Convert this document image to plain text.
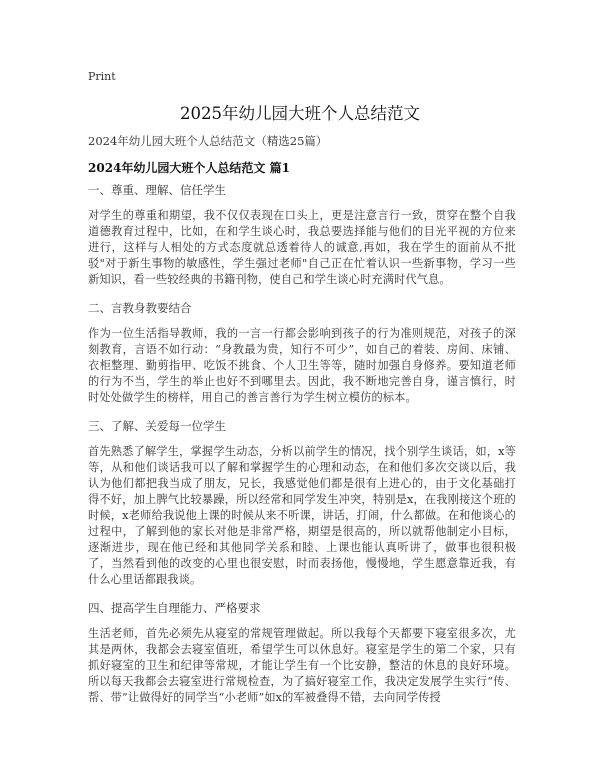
Print
2025年幼儿园大班个人总结范文
2024年幼儿园大班个人总结范文（精选25篇）
2024年幼儿园大班个人总结范文 篇1

一、尊重、理解、信任学生

对学生的尊重和期望，我不仅仅表现在口头上，更是注意言行一致，贯穿在整个自我道德教育过程中，比如，在和学生谈心时，我总要选择能与他们的目光平视的方位来进行，这样与人相处的方式态度就总透着待人的诚意,再如，我在学生的面前从不批驳"对于新生事物的敏感性，学生强过老师"自己正在忙着认识一些新事物，学习一些新知识，看一些较经典的书籍刊物，使自己和学生谈心时充满时代气息。

二、言教身教要结合

作为一位生活指导教师，我的一言一行都会影响到孩子的行为准则规范，对孩子的深刻教育，言语不如行动：“身教最为贵，知行不可少”，如自己的着装、房间、床铺、衣柜整理、勤剪指甲、吃饭不挑食、个人卫生等等，随时加强自身修养。要知道老师的行为不当，学生的举止也好不到哪里去。因此，我不断地完善自身，谨言慎行，时时处处做学生的榜样，用自己的善言善行为学生树立模仿的标本。

三、了解、关爱每一位学生

首先熟悉了解学生，掌握学生动态，分析以前学生的情况，找个别学生谈话，如，x等等，从和他们谈话我可以了解和掌握学生的心理和动态，在和他们多次交谈以后，我认为他们都把我当成了朋友，兄长，我感觉他们都是很有上进心的，由于文化基础打得不好，加上脾气比较暴躁，所以经常和同学发生冲突，特别是x，在我刚接这个班的时候，x老师给我说他上课的时候从来不听课，讲话，打闹，什么都做。在和他谈心的过程中，了解到他的家长对他是非常严格，期望是很高的，所以就帮他制定小目标，逐渐进步，现在他已经和其他同学关系和睦、上课也能认真听讲了，做事也很积极了，当然看到他的改变的心里也很安慰，时而表扬他，慢慢地，学生愿意靠近我，有什么心里话都跟我谈。

四、提高学生自理能力、严格要求

生活老师，首先必须先从寝室的常规管理做起。所以我每个天都要下寝室很多次，尤其是两休，我都会去寝室值班，希望学生可以休息好。寝室是学生的第二个家，只有抓好寝室的卫生和纪律等常规，才能让学生有一个比安静，整洁的休息的良好环境。所以每天我都会去寝室进行常规检查，为了搞好寝室工作，我决定发展学生实行“传、帮、带”让做得好的同学当“小老师”如x的军被叠得不错，去向同学传授
